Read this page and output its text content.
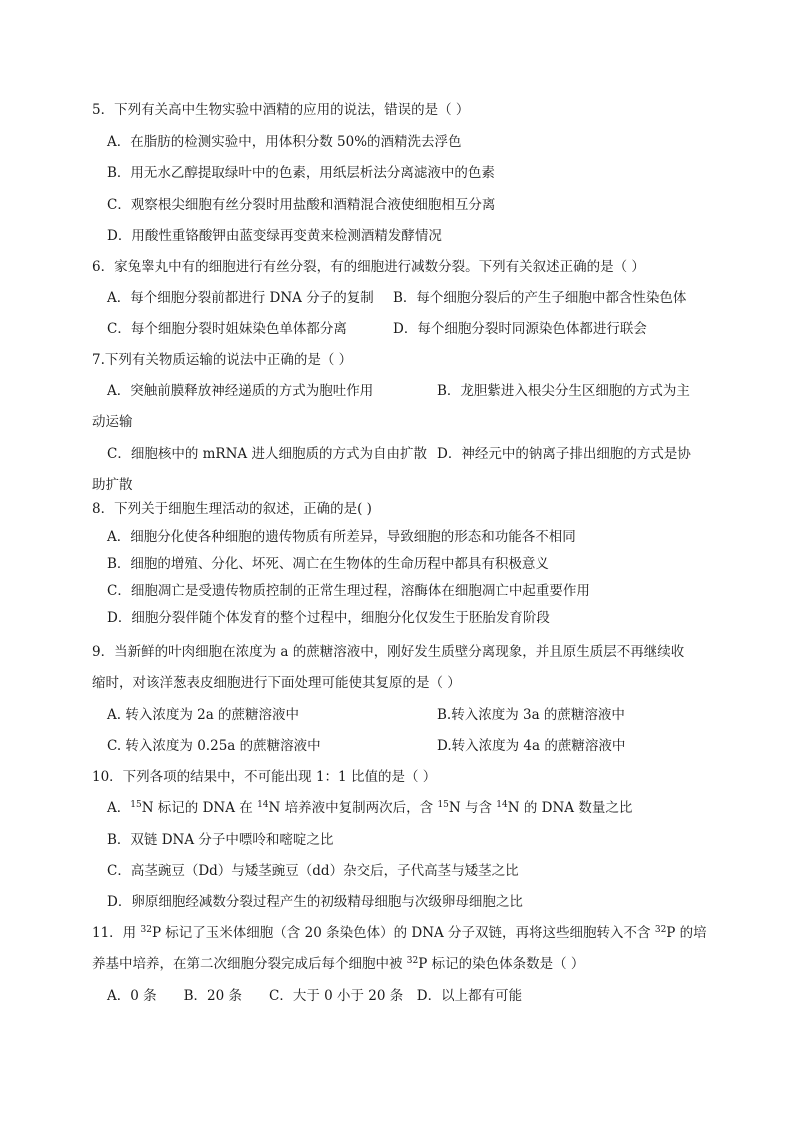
5．下列有关高中生物实验中酒精的应用的说法，错误的是（ ）
A．在脂肪的检测实验中，用体积分数 50%的酒精洗去浮色
B．用无水乙醇提取绿叶中的色素，用纸层析法分离滤液中的色素
C．观察根尖细胞有丝分裂时用盐酸和酒精混合液使细胞相互分离
D．用酸性重铬酸钾由蓝变绿再变黄来检测酒精发酵情况
6．家兔睾丸中有的细胞进行有丝分裂，有的细胞进行减数分裂。下列有关叙述正确的是（ ）
A．每个细胞分裂前都进行 DNA 分子的复制 B．每个细胞分裂后的产生子细胞中都含性染色体
C．每个细胞分裂时姐妹染色单体都分离	D．每个细胞分裂时同源染色体都进行联会
7.下列有关物质运输的说法中正确的是（ ）
A．突触前膜释放神经递质的方式为胞吐作用	B．龙胆紫进入根尖分生区细胞的方式为主
动运输
C．细胞核中的 mRNA 进人细胞质的方式为自由扩散 D．神经元中的钠离子排出细胞的方式是协
助扩散
8．下列关于细胞生理活动的叙述，正确的是( )
A．细胞分化使各种细胞的遗传物质有所差异，导致细胞的形态和功能各不相同
B．细胞的增殖、分化、坏死、凋亡在生物体的生命历程中都具有积极意义
C．细胞凋亡是受遗传物质控制的正常生理过程，溶酶体在细胞凋亡中起重要作用
D．细胞分裂伴随个体发育的整个过程中，细胞分化仅发生于胚胎发育阶段
9．当新鲜的叶肉细胞在浓度为 a 的蔗糖溶液中，刚好发生质壁分离现象，并且原生质层不再继续收
缩时，对该洋葱表皮细胞进行下面处理可能使其复原的是（ ）
A. 转入浓度为 2a 的蔗糖溶液中	B.转入浓度为 3a 的蔗糖溶液中
C. 转入浓度为 0.25a 的蔗糖溶液中	D.转入浓度为 4a 的蔗糖溶液中
10．下列各项的结果中，不可能出现 1：1 比值的是（ ）
A．$^{15}$N 标记的 DNA 在 $^{14}$N 培养液中复制两次后，含 $^{15}$N 与含 $^{14}$N 的 DNA 数量之比
B．双链 DNA 分子中嘌呤和嘧啶之比
C．高茎豌豆（Dd）与矮茎豌豆（dd）杂交后，子代高茎与矮茎之比
D．卵原细胞经减数分裂过程产生的初级精母细胞与次级卵母细胞之比
11．用 $^{32}$P 标记了玉米体细胞（含 20 条染色体）的 DNA 分子双链，再将这些细胞转入不含 $^{32}$P 的培
养基中培养，在第二次细胞分裂完成后每个细胞中被 $^{32}$P 标记的染色体条数是（ ）
A．0 条　　B．20 条　　C．大于 0 小于 20 条　D．以上都有可能
